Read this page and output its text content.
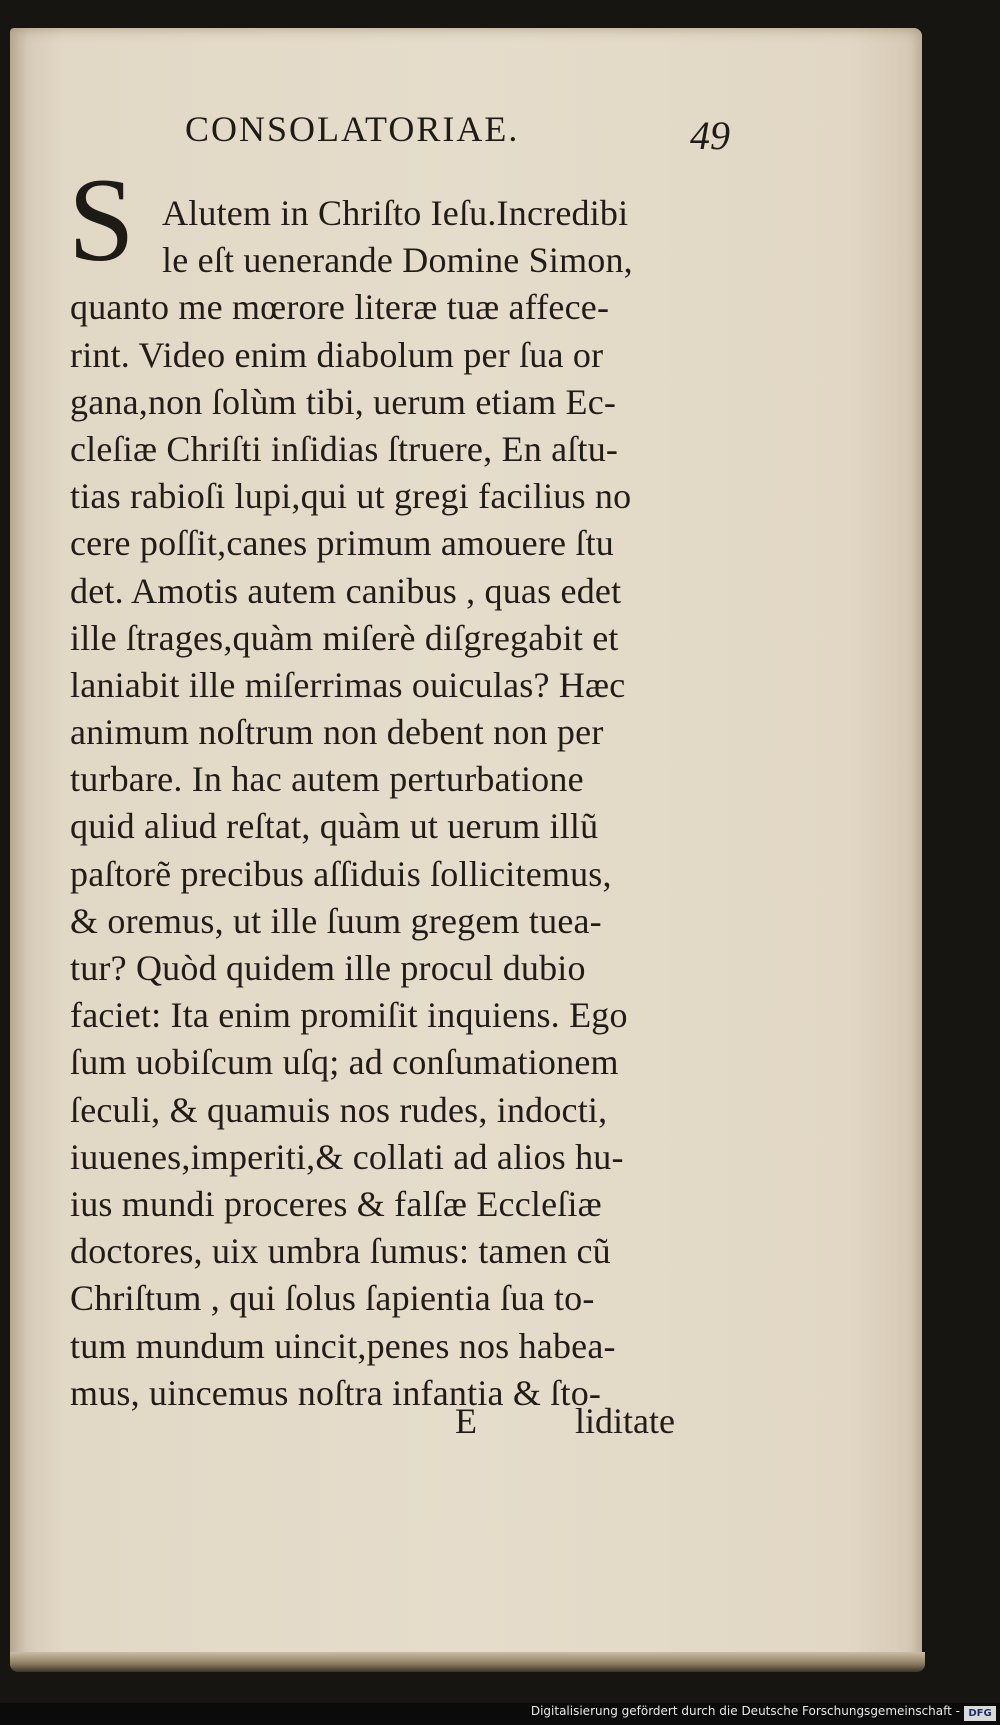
CONSOLATORIAE.	49
S Alutem in Chriſto Ieſu.Incredibi
le eſt uenerande Domine Simon,
quanto me mœrore literæ tuæ affece-
rint. Video enim diabolum per ſua or
gana,non ſolùm tibi, uerum etiam Ec-
cleſiæ Chriſti inſidias ſtruere, En aſtu-
tias rabioſi lupi,qui ut gregi facilius no
cere poſſit,canes primum amouere ſtu
det. Amotis autem canibus , quas edet
ille ſtrages,quàm miſerè diſgregabit et
laniabit ille miſerrimas ouiculas? Hæc
animum noſtrum non debent non per
turbare. In hac autem perturbatione
quid aliud reſtat, quàm ut uerum illũ
paſtorẽ precibus aſſiduis ſollicitemus,
& oremus, ut ille ſuum gregem tuea-
tur? Quòd quidem ille procul dubio
faciet: Ita enim promiſit inquiens. Ego
ſum uobiſcum uſq; ad conſumationem
ſeculi, & quamuis nos rudes, indocti,
iuuenes,imperiti,& collati ad alios hu-
ius mundi proceres & falſæ Eccleſiæ
doctores, uix umbra ſumus: tamen cũ
Chriſtum , qui ſolus ſapientia ſua to-
tum mundum uincit,penes nos habea-
mus, uincemus noſtra infantia & ſto-
E	liditate
Digitalisierung gefördert durch die Deutsche Forschungsgemeinschaft - DFG
